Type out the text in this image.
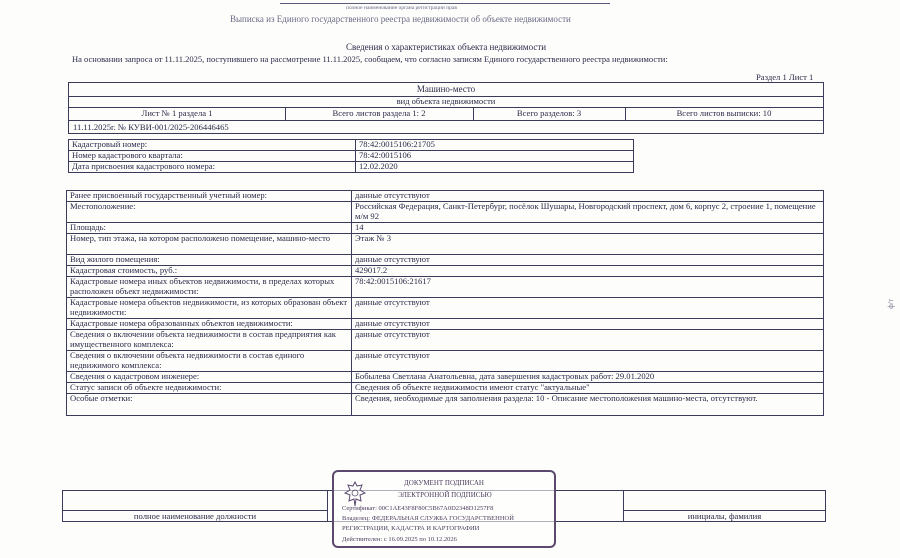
полное наименование органа регистрации прав
Выписка из Единого государственного реестра недвижимости об объекте недвижимости
Сведения о характеристиках объекта недвижимости
На основании запроса от 11.11.2025, поступившего на рассмотрение 11.11.2025, сообщаем, что согласно записям Единого государственного реестра недвижимости:
Раздел 1 Лист 1
Машино-место
вид объекта недвижимости
Лист № 1 раздела 1	Всего листов раздела 1: 2	Всего разделов: 3	Всего листов выписки: 10
11.11.2025г. № КУВИ-001/2025-206446465
Кадастровый номер:	78:42:0015106:21705
Номер кадастрового квартала:	78:42:0015106
Дата присвоения кадастрового номера:	12.02.2020
Ранее присвоенный государственный учетный номер:	данные отсутствуют
Местоположение:	Российская Федерация, Санкт-Петербург, посёлок Шушары, Новгородский проспект, дом 6, корпус 2, строение 1, помещение м/м 92
Площадь:	14
Номер, тип этажа, на котором расположено помещение, машино-место	Этаж № 3
Вид жилого помещения:	данные отсутствуют
Кадастровая стоимость, руб.:	429017.2
Кадастровые номера иных объектов недвижимости, в пределах которых расположен объект недвижимости:	78:42:0015106:21617
Кадастровые номера объектов недвижимости, из которых образован объект недвижимости:	данные отсутствуют
Кадастровые номера образованных объектов недвижимости:	данные отсутствуют
Сведения о включении объекта недвижимости в состав предприятия как имущественного комплекса:	данные отсутствуют
Сведения о включении объекта недвижимости в состав единого недвижимого комплекса:	данные отсутствуют
Сведения о кадастровом инженере:	Бобылева Светлана Анатольевна, дата завершения кадастровых работ: 29.01.2020
Статус записи об объекте недвижимости:	Сведения об объекте недвижимости имеют статус "актуальные"
Особые отметки:	Сведения, необходимые для заполнения раздела: 10 - Описание местоположения машино-места, отсутствуют.
полное наименование должности	инициалы, фамилия
ДОКУМЕНТ ПОДПИСАН
ЭЛЕКТРОННОЙ ПОДПИСЬЮ
Сертификат: 00C1AE43F8F80C5B67A0D2348D1257F8
Владелец: ФЕДЕРАЛЬНАЯ СЛУЖБА ГОСУДАРСТВЕННОЙ
РЕГИСТРАЦИИ, КАДАСТРА И КАРТОГРАФИИ
Действителен: с 16.09.2025 по 10.12.2026
ф/т
